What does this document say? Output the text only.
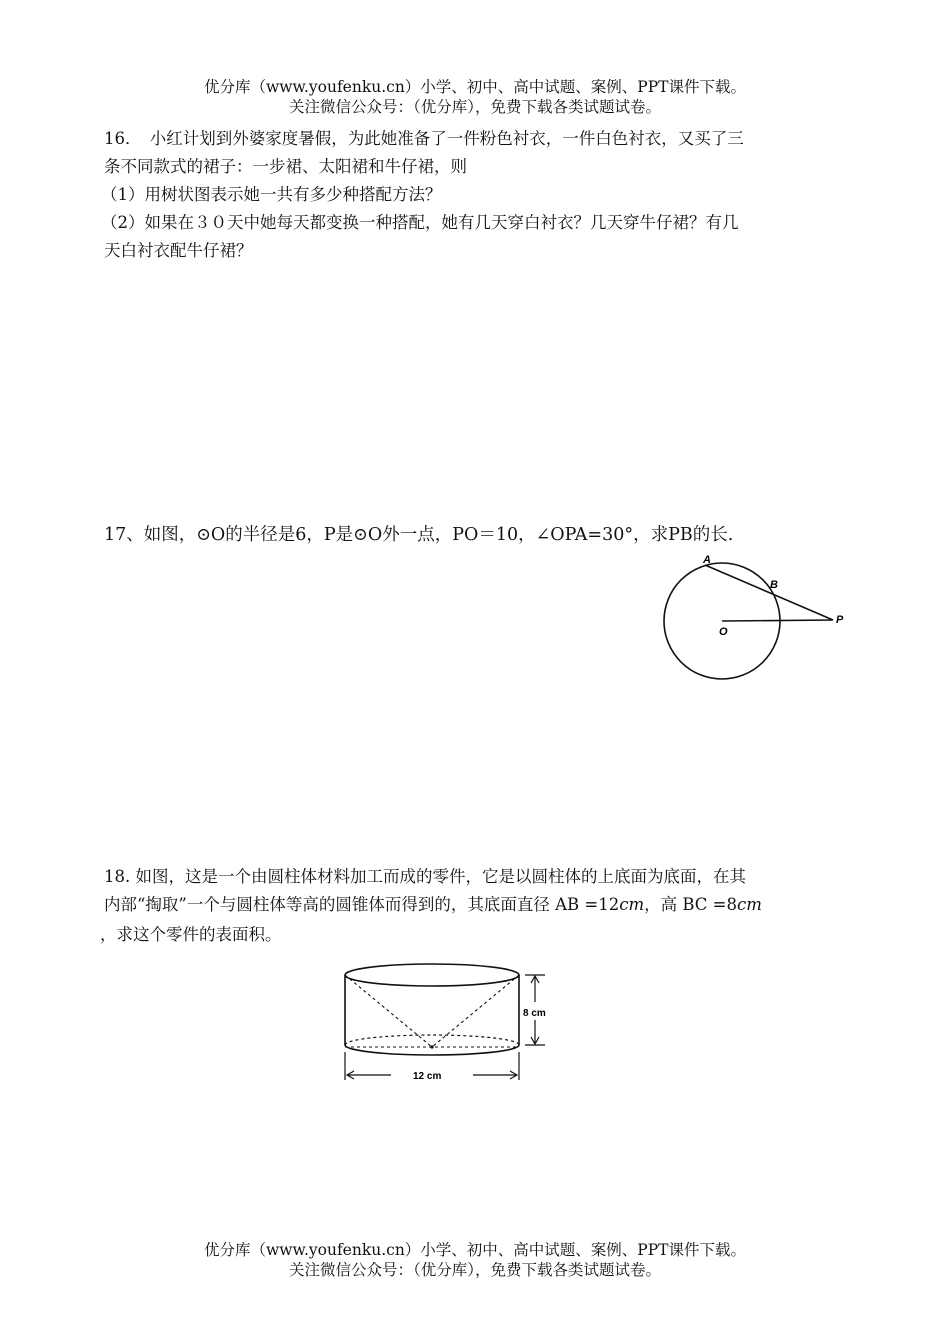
优分库（www.youfenku.cn）小学、初中、高中试题、案例、PPT课件下载。
关注微信公众号：（优分库），免费下载各类试题试卷。
16．　小红计划到外婆家度暑假，为此她准备了一件粉色衬衣，一件白色衬衣，又买了三
条不同款式的裙子：一步裙、太阳裙和牛仔裙，则
（1）用树状图表示她一共有多少种搭配方法？
（2）如果在３０天中她每天都变换一种搭配，她有几天穿白衬衣？几天穿牛仔裙？有几
天白衬衣配牛仔裙？
17、如图，⊙O的半径是6，P是⊙O外一点，PO＝10，∠OPA=30°，求PB的长.
A
B
O
P
18. 如图，这是一个由圆柱体材料加工而成的零件，它是以圆柱体的上底面为底面，在其
内部“掏取”一个与圆柱体等高的圆锥体而得到的，其底面直径 AB =12cm，高 BC =8cm
，求这个零件的表面积。
8 cm
12 cm
优分库（www.youfenku.cn）小学、初中、高中试题、案例、PPT课件下载。
关注微信公众号：（优分库），免费下载各类试题试卷。
